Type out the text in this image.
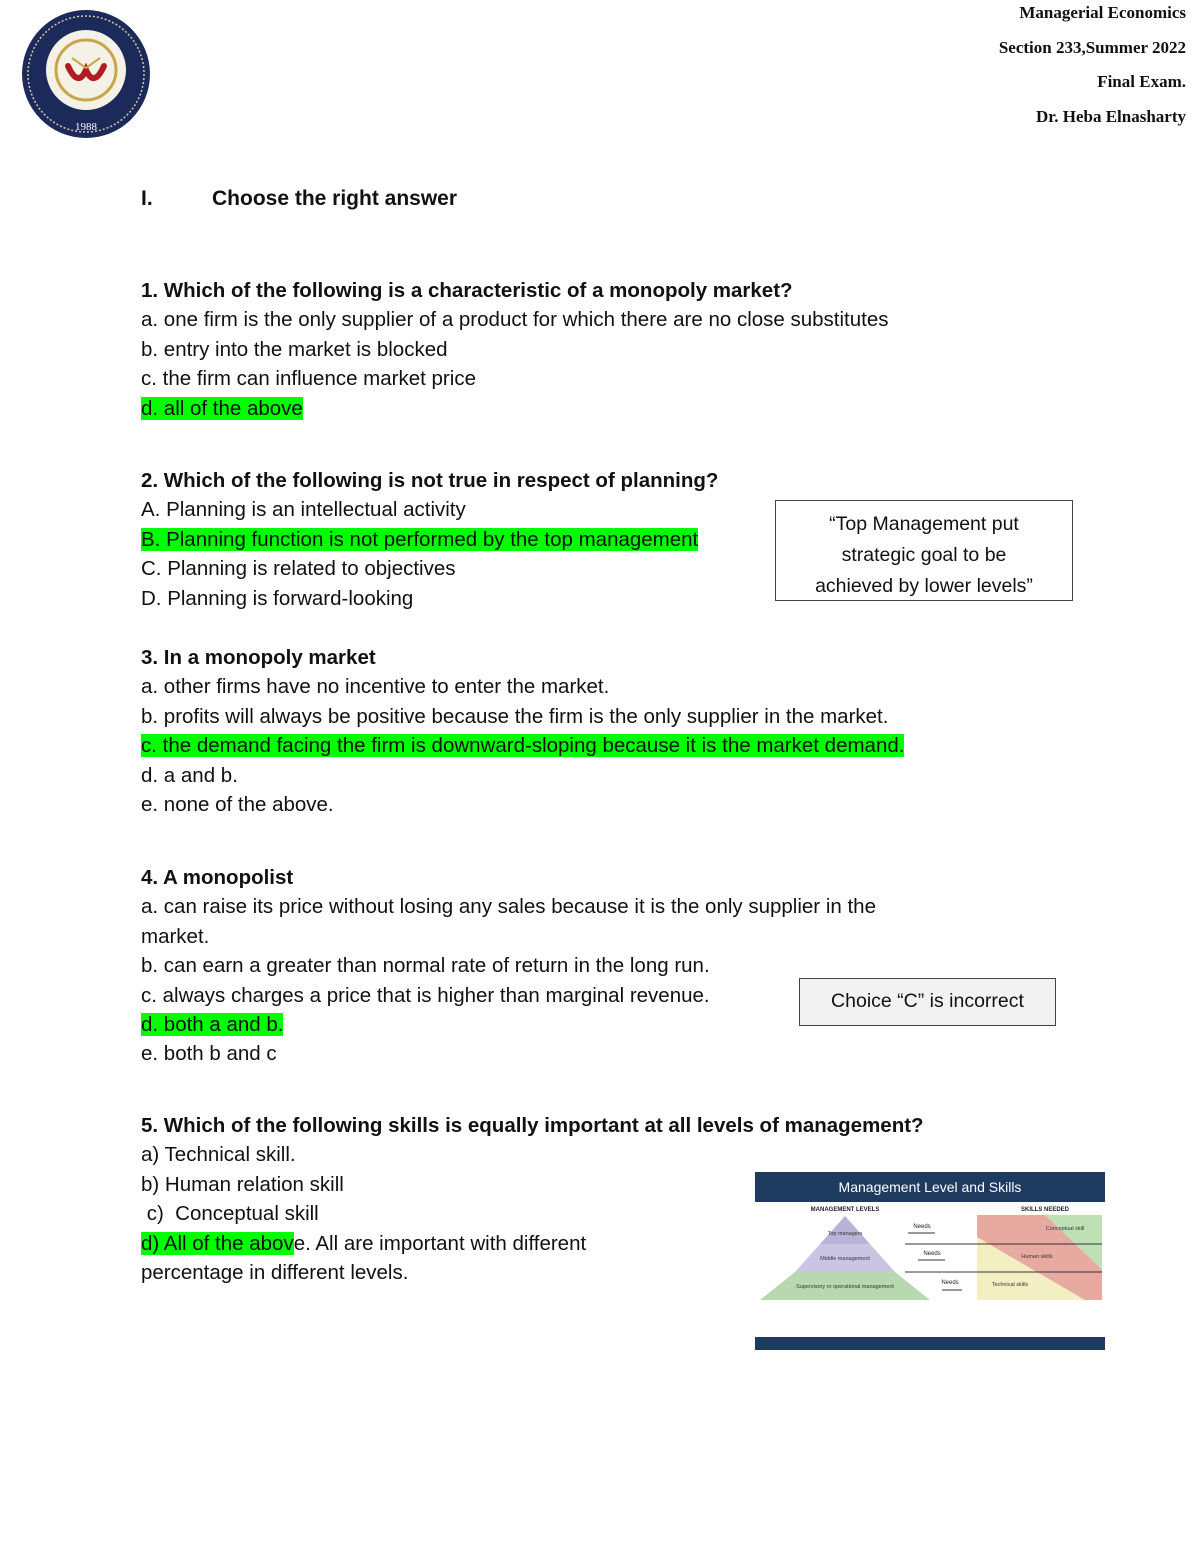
1988
Managerial Economics
Section 233,Summer 2022
Final Exam.
Dr. Heba Elnasharty
I.	Choose the right answer
1. Which of the following is a characteristic of a monopoly market?
a. one firm is the only supplier of a product for which there are no close substitutes
b. entry into the market is blocked
c. the firm can influence market price
d. all of the above
2. Which of the following is not true in respect of planning?
A. Planning is an intellectual activity
B. Planning function is not performed by the top management
C. Planning is related to objectives
D. Planning is forward-looking
“Top Management put
strategic goal to be
achieved by lower levels”
3. In a monopoly market
a. other firms have no incentive to enter the market.
b. profits will always be positive because the firm is the only supplier in the market.
c. the demand facing the firm is downward-sloping because it is the market demand.
d. a and b.
e. none of the above.
4. A monopolist
a. can raise its price without losing any sales because it is the only supplier in the
market.
b. can earn a greater than normal rate of return in the long run.
c. always charges a price that is higher than marginal revenue.
d. both a and b.
e. both b and c
Choice “C” is incorrect
5. Which of the following skills is equally important at all levels of management?
a) Technical skill.
b) Human relation skill
c)  Conceptual skill
d) All of the above. All are important with different
percentage in different levels.
Management Level and Skills
MANAGEMENT LEVELS	SKILLS NEEDED
Top managers
Middle management
Supervisory or operational management
Needs
Needs
Needs
Conceptual skill
Human skills
Technical skills
